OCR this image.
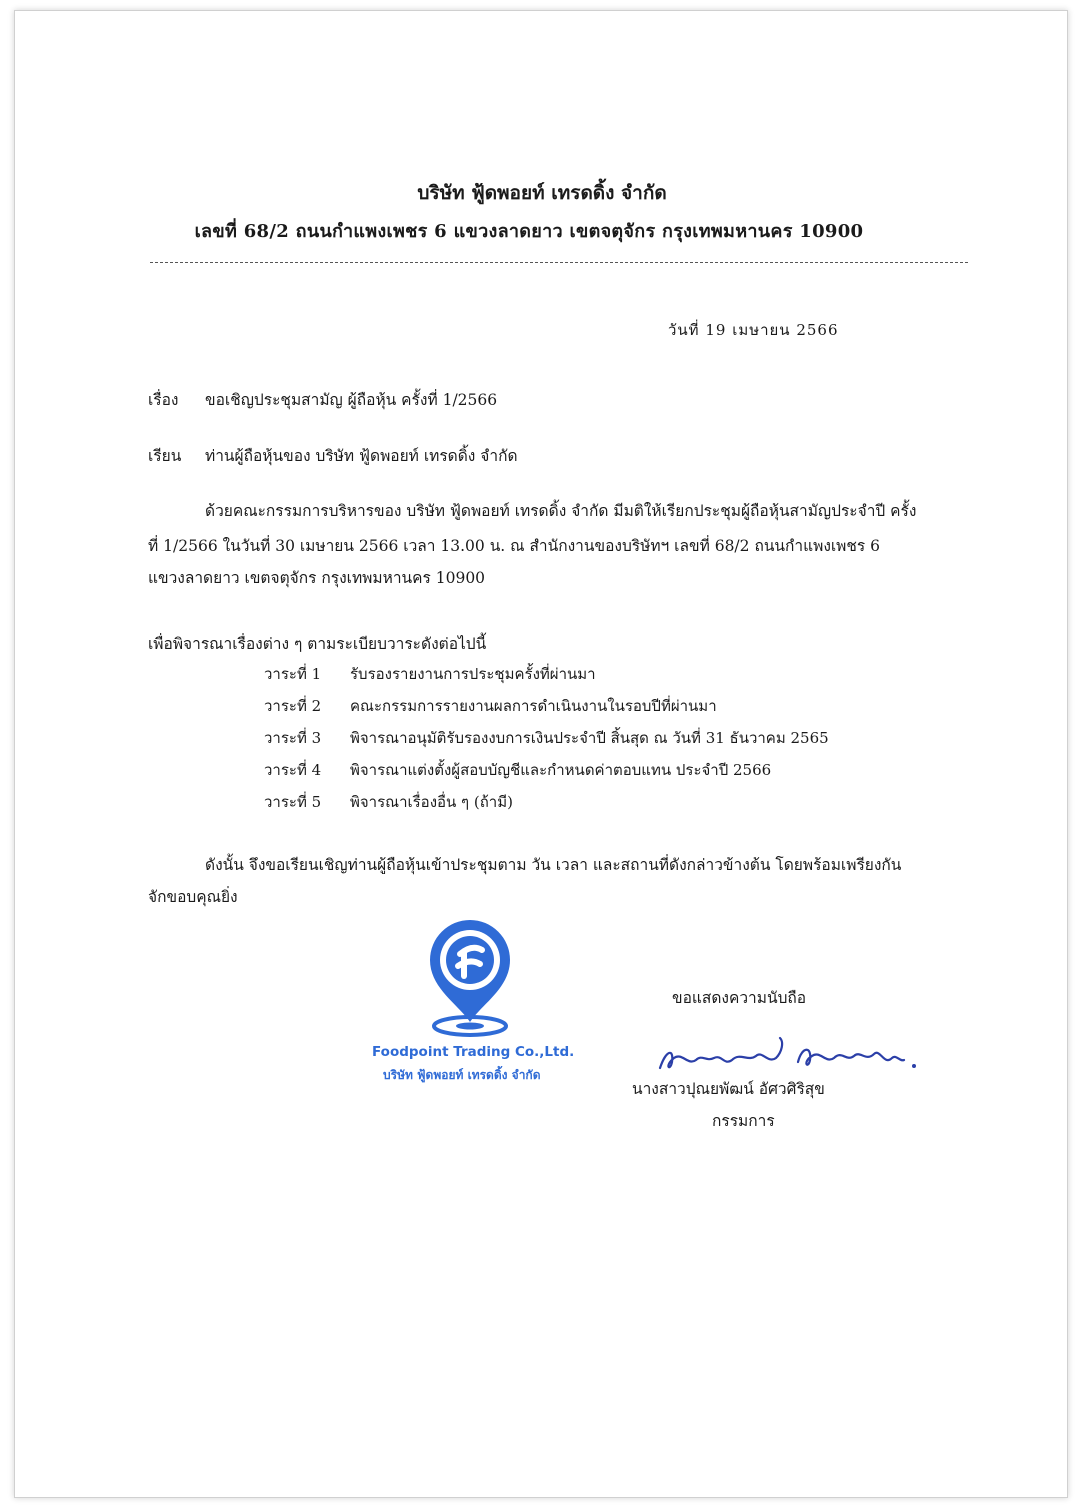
บริษัท ฟู้ดพอยท์ เทรดดิ้ง จำกัด
เลขที่ 68/2 ถนนกำแพงเพชร 6 แขวงลาดยาว เขตจตุจักร กรุงเทพมหานคร 10900
วันที่ 19 เมษายน 2566
เรื่อง ขอเชิญประชุมสามัญ ผู้ถือหุ้น ครั้งที่ 1/2566
เรียน ท่านผู้ถือหุ้นของ บริษัท ฟู้ดพอยท์ เทรดดิ้ง จำกัด
ด้วยคณะกรรมการบริหารของ บริษัท ฟู้ดพอยท์ เทรดดิ้ง จำกัด มีมติให้เรียกประชุมผู้ถือหุ้นสามัญประจำปี ครั้ง
ที่ 1/2566 ในวันที่ 30 เมษายน 2566 เวลา 13.00 น. ณ สำนักงานของบริษัทฯ เลขที่ 68/2 ถนนกำแพงเพชร 6
แขวงลาดยาว เขตจตุจักร กรุงเทพมหานคร 10900
เพื่อพิจารณาเรื่องต่าง ๆ ตามระเบียบวาระดังต่อไปนี้
วาระที่ 1 รับรองรายงานการประชุมครั้งที่ผ่านมา
วาระที่ 2 คณะกรรมการรายงานผลการดำเนินงานในรอบปีที่ผ่านมา
วาระที่ 3 พิจารณาอนุมัติรับรองงบการเงินประจำปี สิ้นสุด ณ วันที่ 31 ธันวาคม 2565
วาระที่ 4 พิจารณาแต่งตั้งผู้สอบบัญชีและกำหนดค่าตอบแทน ประจำปี 2566
วาระที่ 5 พิจารณาเรื่องอื่น ๆ (ถ้ามี)
ดังนั้น จึงขอเรียนเชิญท่านผู้ถือหุ้นเข้าประชุมตาม วัน เวลา และสถานที่ดังกล่าวข้างต้น โดยพร้อมเพรียงกัน
จักขอบคุณยิ่ง
Foodpoint Trading Co.,Ltd.
บริษัท ฟู้ดพอยท์ เทรดดิ้ง จำกัด
ขอแสดงความนับถือ
นางสาวปุณยพัฒน์ อัศวศิริสุข
กรรมการ
